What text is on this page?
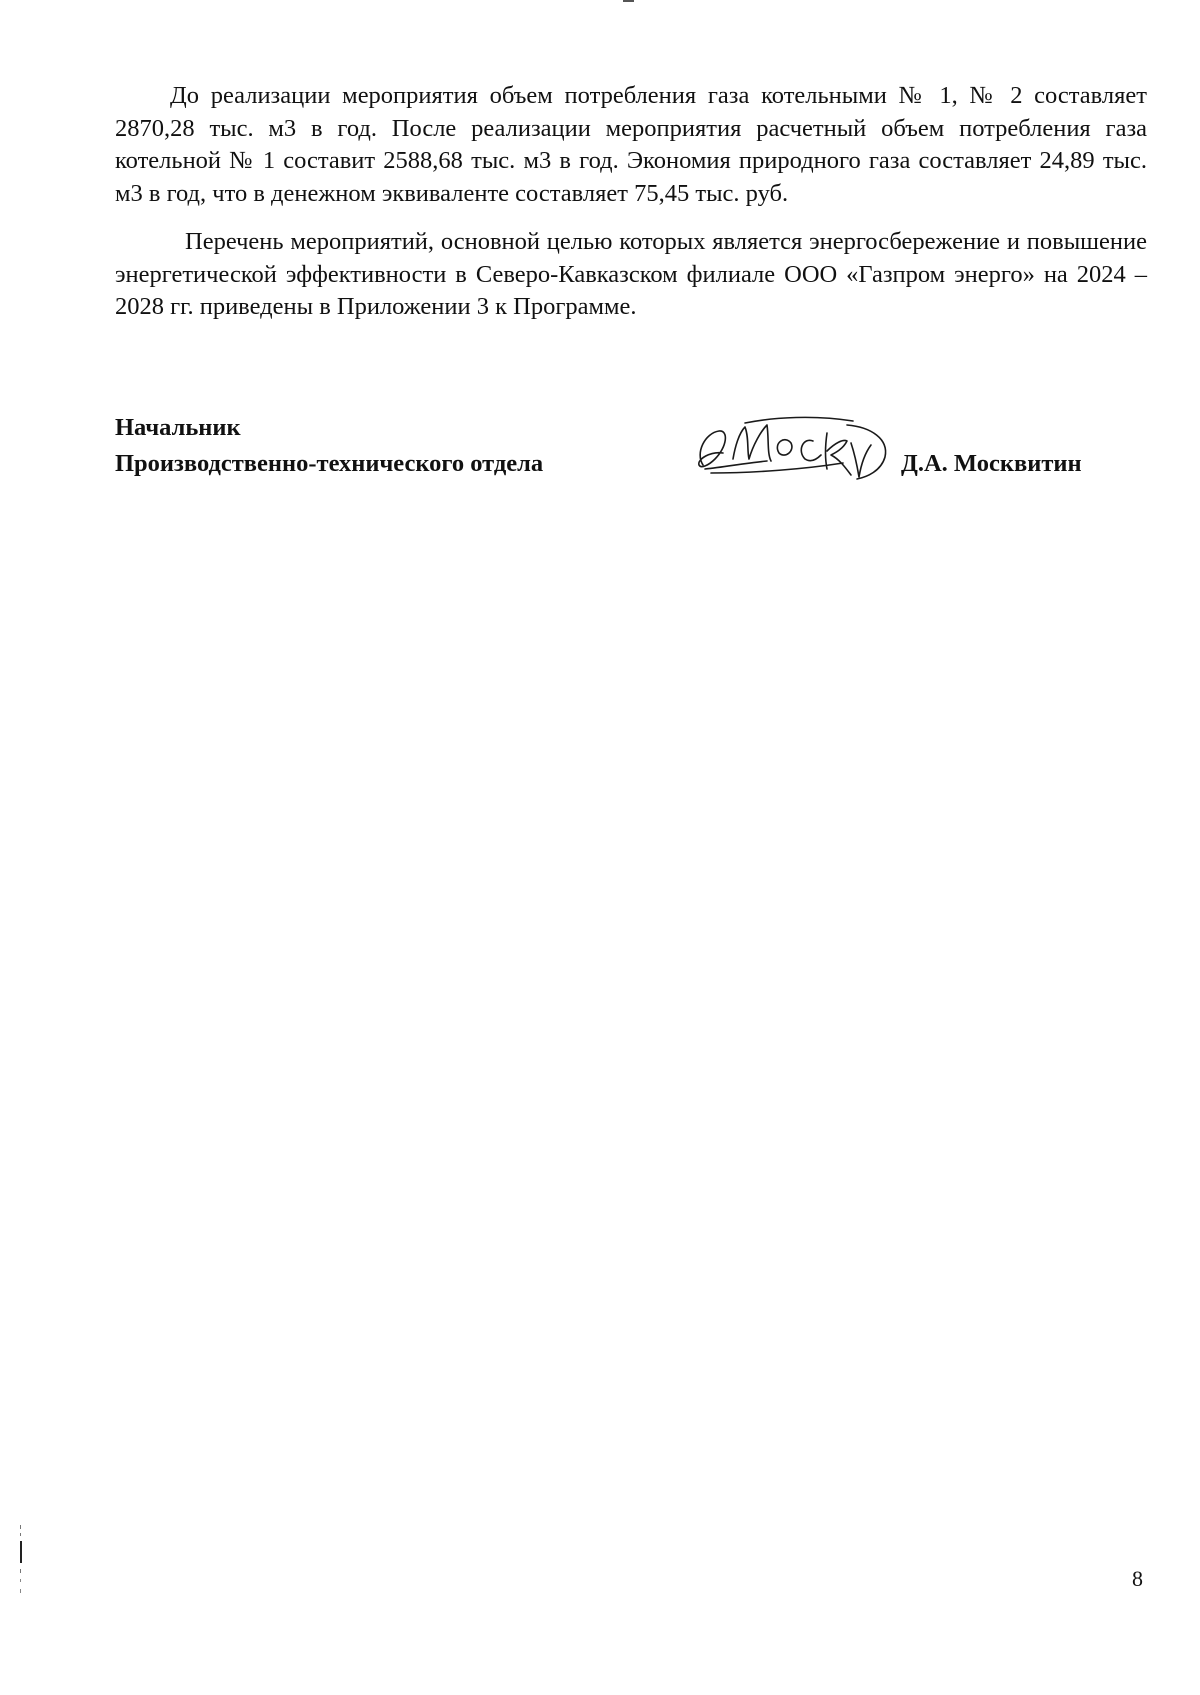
До реализации мероприятия объем потребления газа котельными № 1, № 2 составляет 2870,28 тыс. м3 в год. После реализации мероприятия расчетный объем потребления газа котельной № 1 составит 2588,68 тыс. м3 в год. Экономия природного газа составляет 24,89 тыс. м3 в год, что в денежном эквиваленте составляет 75,45 тыс. руб.

Перечень мероприятий, основной целью которых является энергосбережение и повышение энергетической эффективности в Северо-Кавказском филиале ООО «Газпром энерго» на 2024 – 2028 гг. приведены в Приложении 3 к Программе.

Начальник
Производственно-технического отдела	Д.А. Москвитин
8
